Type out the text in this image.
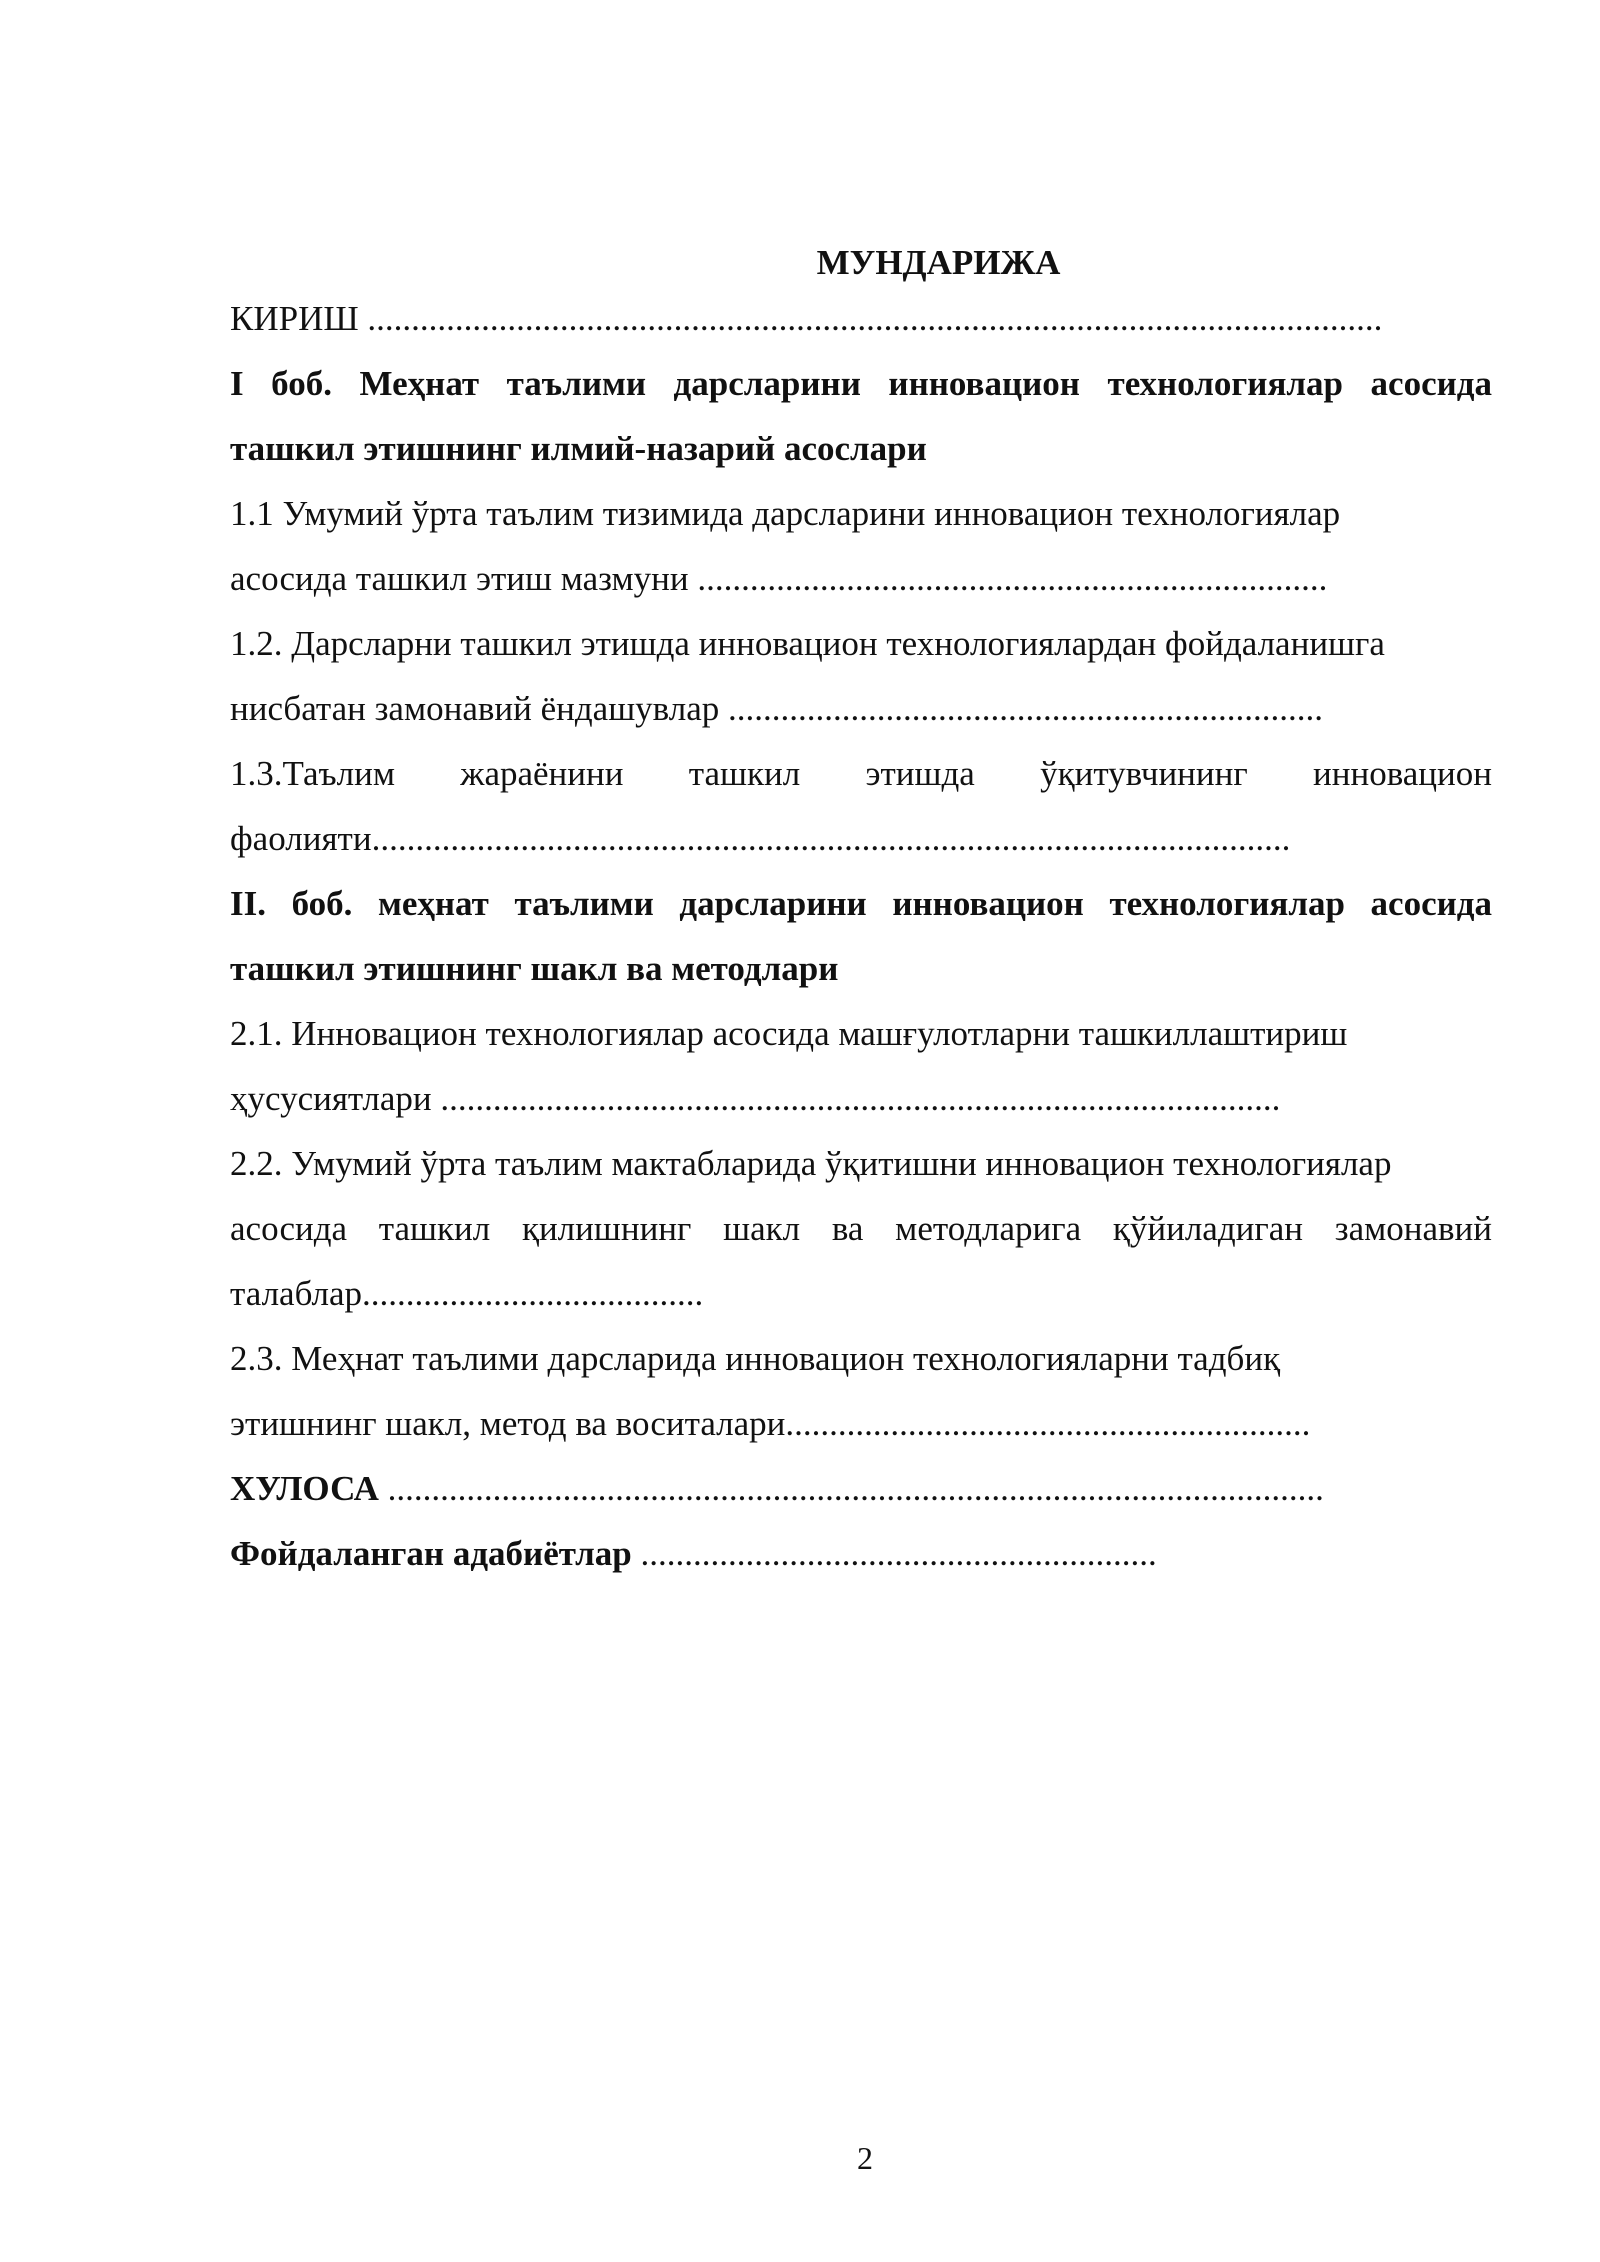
МУНДАРИЖА
КИРИШ ....................................................................................................................
I боб. Меҳнат таълими дарсларини инновацион технологиялар асосида
ташкил этишнинг илмий-назарий асослари
1.1 Умумий ўрта таълим тизимида дарсларини инновацион технологиялар
асосида ташкил этиш мазмуни ........................................................................
1.2. Дарсларни ташкил этишда инновацион технологиялардан фойдаланишга
нисбатан замонавий ёндашувлар ....................................................................
1.3.Таълим жараёнини ташкил этишда ўқитувчининг инновацион
фаолияти.........................................................................................................
II. боб. меҳнат таълими дарсларини инновацион технологиялар асосида
ташкил этишнинг шакл ва методлари
2.1. Инновацион технологиялар асосида машғулотларни ташкиллаштириш
ҳусусиятлари ................................................................................................
2.2. Умумий ўрта таълим мактабларида ўқитишни инновацион технологиялар
асосида ташкил қилишнинг шакл ва методларига қўйиладиган замонавий
талаблар.......................................
2.3. Меҳнат таълими дарсларида инновацион технологияларни тадбиқ
этишнинг шакл, метод ва воситалари............................................................
ХУЛОСА ...........................................................................................................
Фойдаланган адабиётлар ...........................................................
2
